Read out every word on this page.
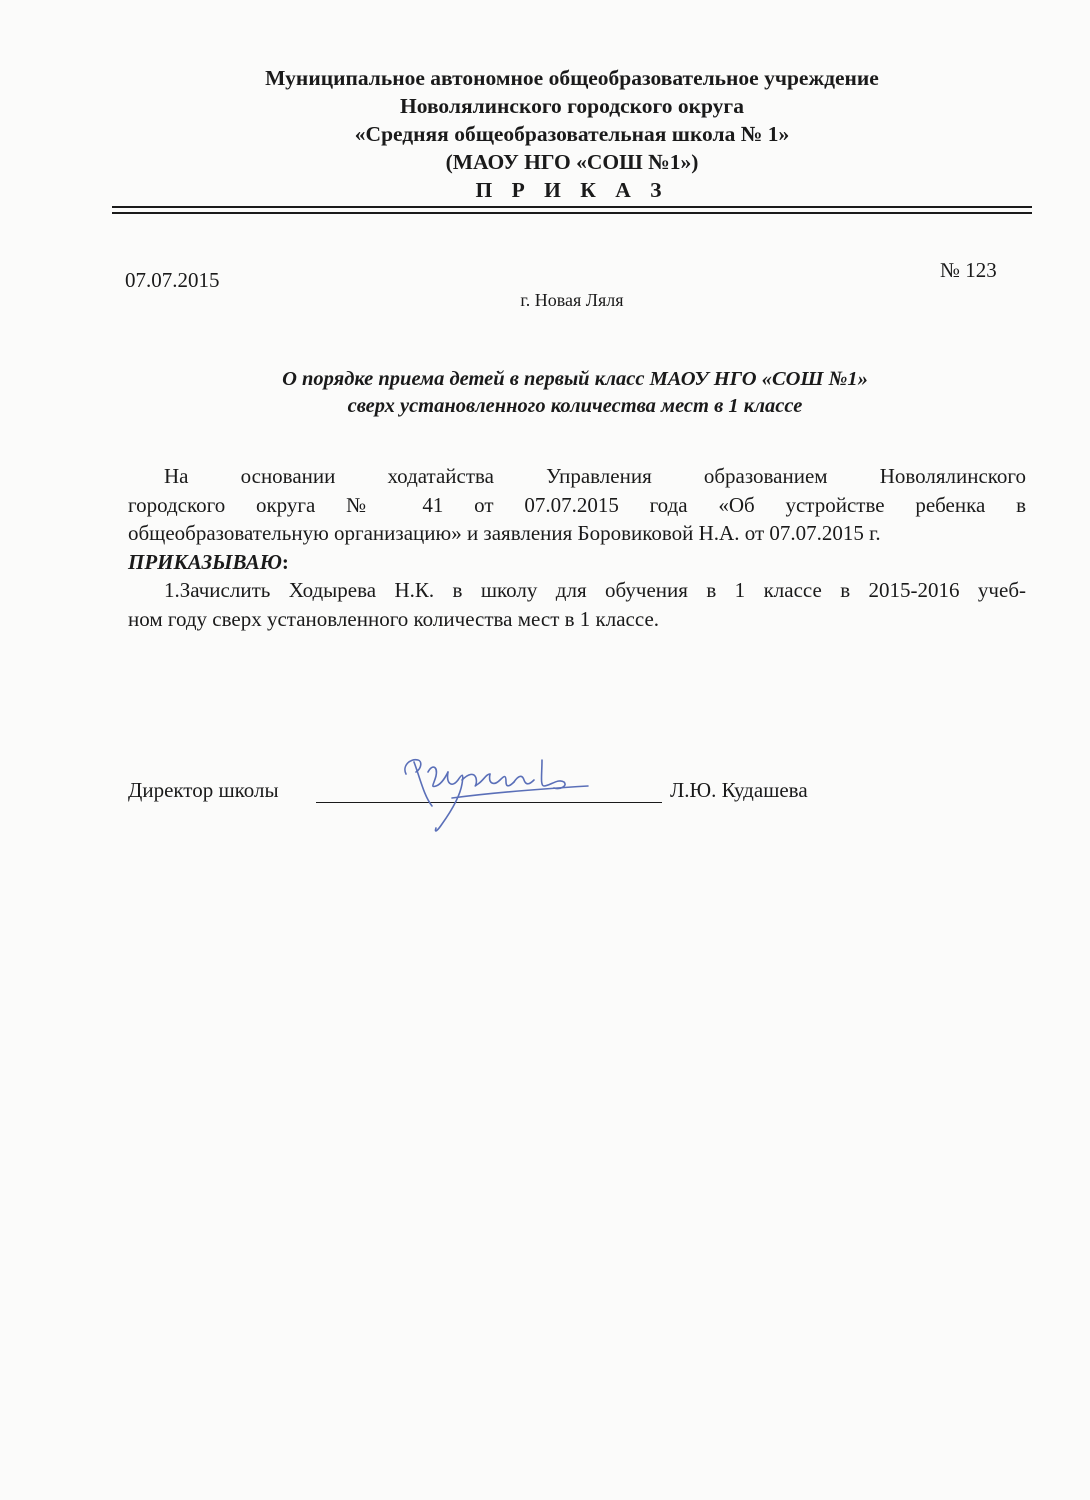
Муниципальное автономное общеобразовательное учреждение
Новолялинского городского округа
«Средняя общеобразовательная школа № 1»
(МАОУ НГО «СОШ №1»)
П Р И К А З
07.07.2015	№ 123
г. Новая Ляля
О порядке приема детей в первый класс МАОУ НГО «СОШ №1»
сверх установленного количества мест в 1 классе
На основании ходатайства Управления образованием Новолялинского
городского округа № 41 от 07.07.2015 года «Об устройстве ребенка в
общеобразовательную организацию» и заявления Боровиковой Н.А. от 07.07.2015 г.
ПРИКАЗЫВАЮ:
1.Зачислить Ходырева Н.К. в школу для обучения в 1 классе в 2015-2016 учеб-
ном году сверх установленного количества мест в 1 классе.
Директор школы	Л.Ю. Кудашева
